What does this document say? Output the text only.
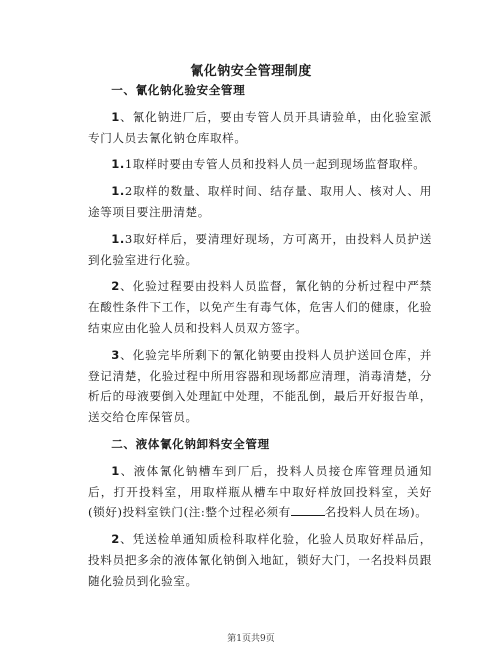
氰化钠安全管理制度
一、氰化钠化验安全管理

1、氰化钠进厂后，要由专管人员开具请验单，由化验室派专门人员去氰化钠仓库取样。

1.1取样时要由专管人员和投料人员一起到现场监督取样。

1.2取样的数量、取样时间、结存量、取用人、核对人、用途等项目要注册清楚。

1.3取好样后，要清理好现场，方可离开，由投料人员护送到化验室进行化验。

2、化验过程要由投料人员监督，氰化钠的分析过程中严禁在酸性条件下工作，以免产生有毒气体，危害人们的健康，化验结束应由化验人员和投料人员双方签字。

3、化验完毕所剩下的氰化钠要由投料人员护送回仓库，并登记清楚，化验过程中所用容器和现场都应清理，消毒清楚，分析后的母液要倒入处理缸中处理，不能乱倒，最后开好报告单，送交给仓库保管员。

二、液体氰化钠卸料安全管理

1、液体氰化钠槽车到厂后，投料人员接仓库管理员通知后，打开投料室，用取样瓶从槽车中取好样放回投料室，关好(锁好)投料室铁门(注:整个过程必须有	名投料人员在场)。

2、凭送检单通知质检科取样化验，化验人员取好样品后，投料员把多余的液体氰化钠倒入地缸，锁好大门，一名投料员跟随化验员到化验室。

第1页共9页
